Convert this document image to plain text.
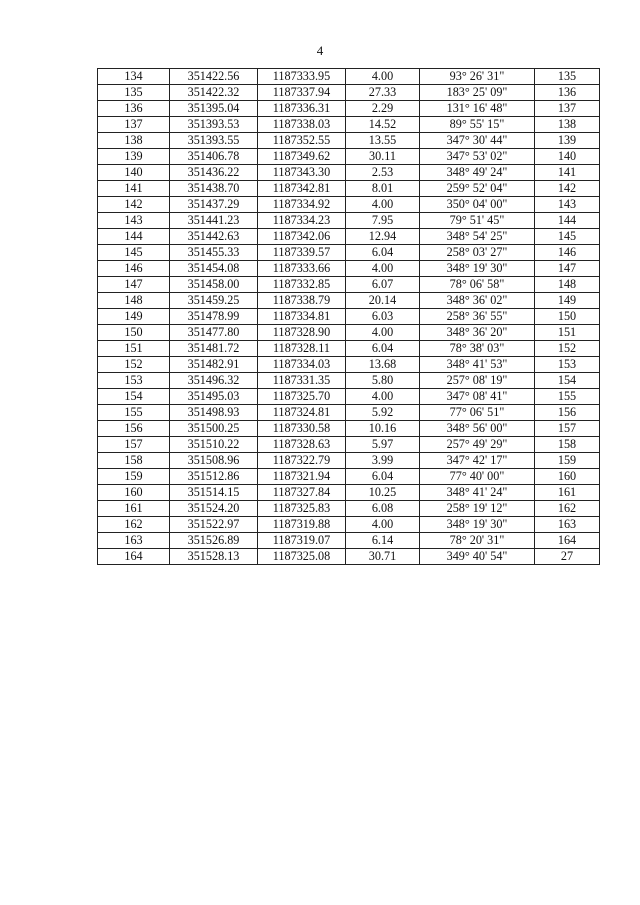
4
134	351422.56	1187333.95	4.00	93° 26' 31"	135
135	351422.32	1187337.94	27.33	183° 25' 09"	136
136	351395.04	1187336.31	2.29	131° 16' 48"	137
137	351393.53	1187338.03	14.52	89° 55' 15"	138
138	351393.55	1187352.55	13.55	347° 30' 44"	139
139	351406.78	1187349.62	30.11	347° 53' 02"	140
140	351436.22	1187343.30	2.53	348° 49' 24"	141
141	351438.70	1187342.81	8.01	259° 52' 04"	142
142	351437.29	1187334.92	4.00	350° 04' 00"	143
143	351441.23	1187334.23	7.95	79° 51' 45"	144
144	351442.63	1187342.06	12.94	348° 54' 25"	145
145	351455.33	1187339.57	6.04	258° 03' 27"	146
146	351454.08	1187333.66	4.00	348° 19' 30"	147
147	351458.00	1187332.85	6.07	78° 06' 58"	148
148	351459.25	1187338.79	20.14	348° 36' 02"	149
149	351478.99	1187334.81	6.03	258° 36' 55"	150
150	351477.80	1187328.90	4.00	348° 36' 20"	151
151	351481.72	1187328.11	6.04	78° 38' 03"	152
152	351482.91	1187334.03	13.68	348° 41' 53"	153
153	351496.32	1187331.35	5.80	257° 08' 19"	154
154	351495.03	1187325.70	4.00	347° 08' 41"	155
155	351498.93	1187324.81	5.92	77° 06' 51"	156
156	351500.25	1187330.58	10.16	348° 56' 00"	157
157	351510.22	1187328.63	5.97	257° 49' 29"	158
158	351508.96	1187322.79	3.99	347° 42' 17"	159
159	351512.86	1187321.94	6.04	77° 40' 00"	160
160	351514.15	1187327.84	10.25	348° 41' 24"	161
161	351524.20	1187325.83	6.08	258° 19' 12"	162
162	351522.97	1187319.88	4.00	348° 19' 30"	163
163	351526.89	1187319.07	6.14	78° 20' 31"	164
164	351528.13	1187325.08	30.71	349° 40' 54"	27
